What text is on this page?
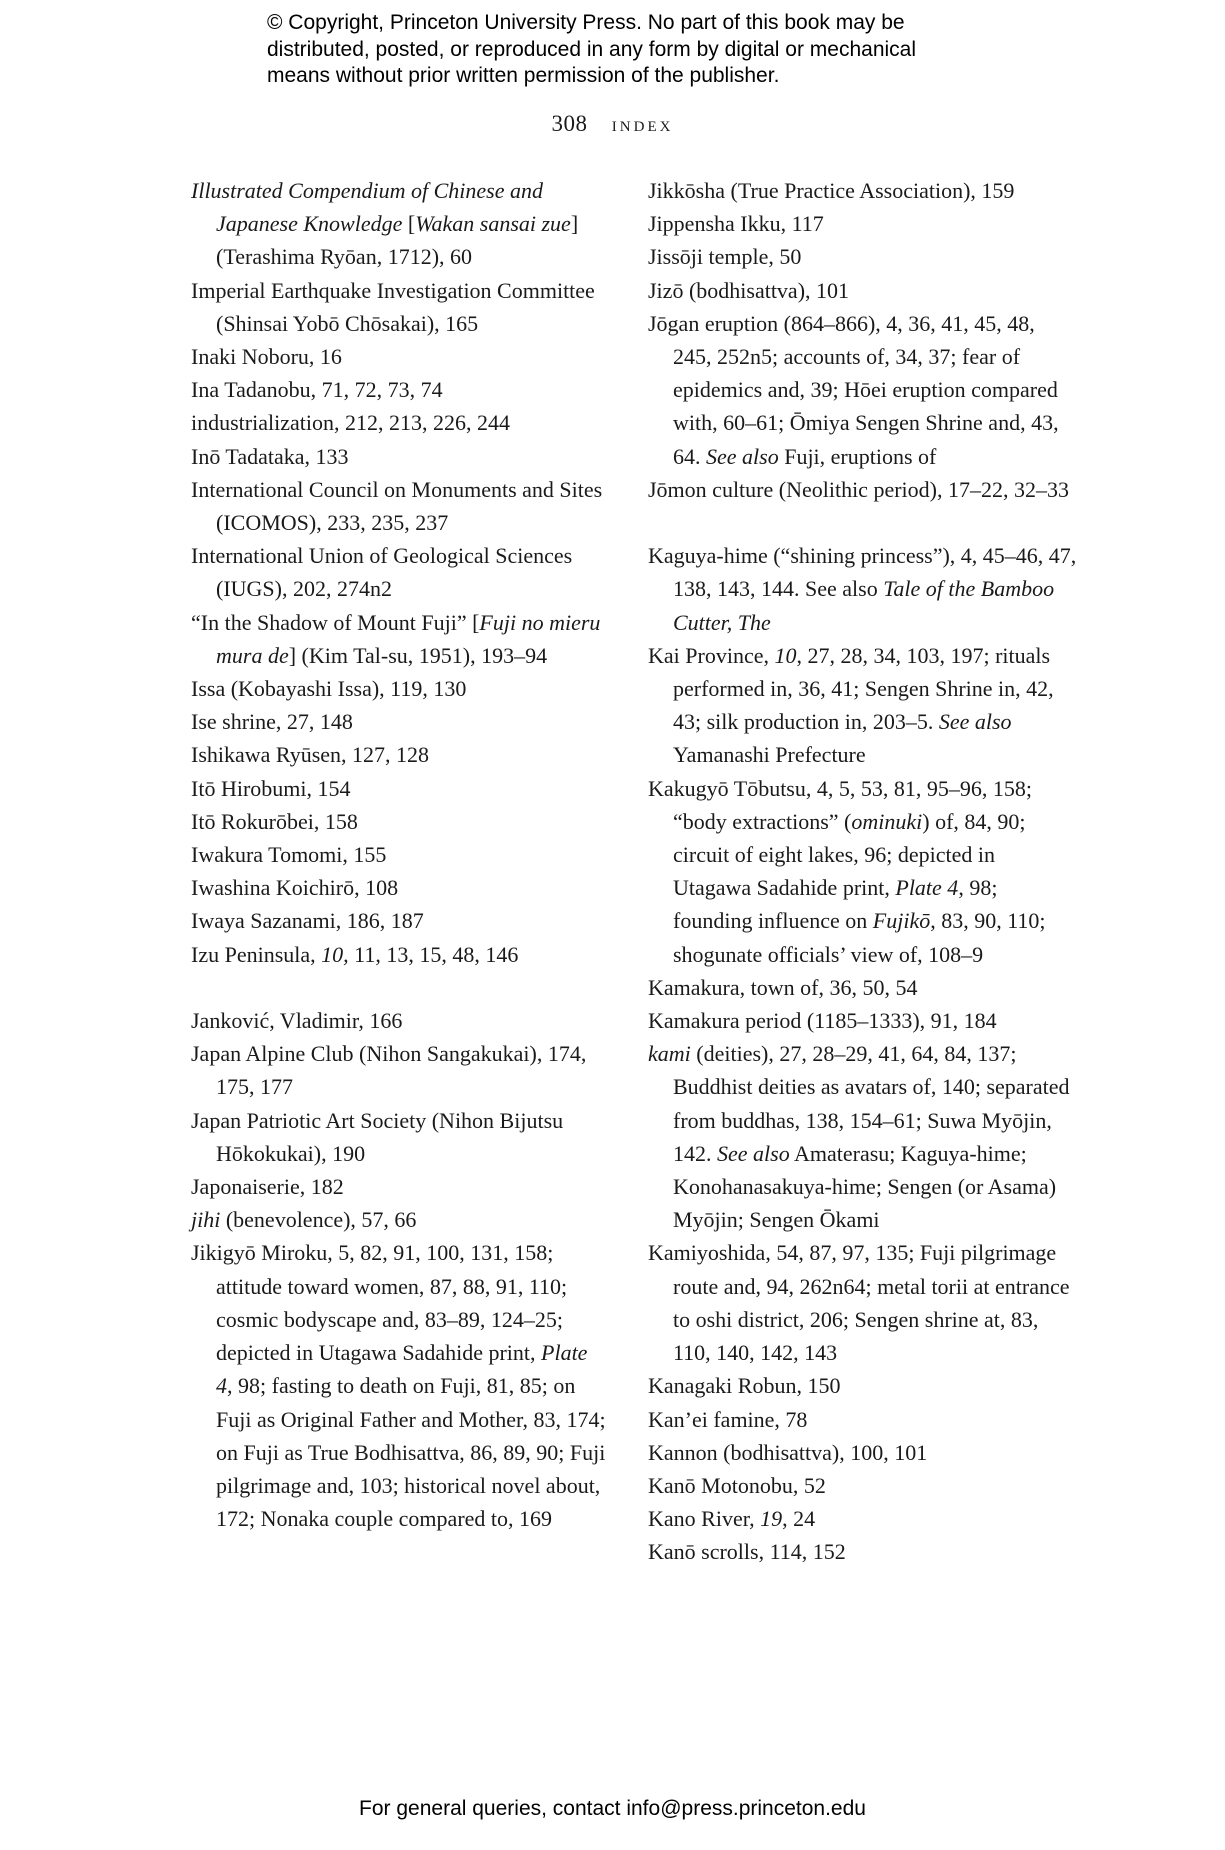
© Copyright, Princeton University Press. No part of this book may be
distributed, posted, or reproduced in any form by digital or mechanical
means without prior written permission of the publisher.
308 index
Illustrated Compendium of Chinese and Japanese Knowledge [Wakan sansai zue] (Terashima Ryōan, 1712), 60
Imperial Earthquake Investigation Committee (Shinsai Yobō Chōsakai), 165
Inaki Noboru, 16
Ina Tadanobu, 71, 72, 73, 74
industrialization, 212, 213, 226, 244
Inō Tadataka, 133
International Council on Monuments and Sites (ICOMOS), 233, 235, 237
International Union of Geological Sciences (IUGS), 202, 274n2
“In the Shadow of Mount Fuji” [Fuji no mieru mura de] (Kim Tal-su, 1951), 193–94
Issa (Kobayashi Issa), 119, 130
Ise shrine, 27, 148
Ishikawa Ryūsen, 127, 128
Itō Hirobumi, 154
Itō Rokurōbei, 158
Iwakura Tomomi, 155
Iwashina Koichirō, 108
Iwaya Sazanami, 186, 187
Izu Peninsula, 10, 11, 13, 15, 48, 146
Janković, Vladimir, 166
Japan Alpine Club (Nihon Sangakukai), 174, 175, 177
Japan Patriotic Art Society (Nihon Bijutsu Hōkokukai), 190
Japonaiserie, 182
jihi (benevolence), 57, 66
Jikigyō Miroku, 5, 82, 91, 100, 131, 158; attitude toward women, 87, 88, 91, 110; cosmic bodyscape and, 83–89, 124–25; depicted in Utagawa Sadahide print, Plate 4, 98; fasting to death on Fuji, 81, 85; on Fuji as Original Father and Mother, 83, 174; on Fuji as True Bodhisattva, 86, 89, 90; Fuji pilgrimage and, 103; historical novel about, 172; Nonaka couple compared to, 169
Jikkōsha (True Practice Association), 159
Jippensha Ikku, 117
Jissōji temple, 50
Jizō (bodhisattva), 101
Jōgan eruption (864–866), 4, 36, 41, 45, 48, 245, 252n5; accounts of, 34, 37; fear of epidemics and, 39; Hōei eruption compared with, 60–61; Ōmiya Sengen Shrine and, 43, 64. See also Fuji, eruptions of
Jōmon culture (Neolithic period), 17–22, 32–33
Kaguya-hime (“shining princess”), 4, 45–46, 47, 138, 143, 144. See also Tale of the Bamboo Cutter, The
Kai Province, 10, 27, 28, 34, 103, 197; rituals performed in, 36, 41; Sengen Shrine in, 42, 43; silk production in, 203–5. See also Yamanashi Prefecture
Kakugyō Tōbutsu, 4, 5, 53, 81, 95–96, 158; “body extractions” (ominuki) of, 84, 90; circuit of eight lakes, 96; depicted in Utagawa Sadahide print, Plate 4, 98; founding influence on Fujikō, 83, 90, 110; shogunate officials’ view of, 108–9
Kamakura, town of, 36, 50, 54
Kamakura period (1185–1333), 91, 184
kami (deities), 27, 28–29, 41, 64, 84, 137; Buddhist deities as avatars of, 140; separated from buddhas, 138, 154–61; Suwa Myōjin, 142. See also Amaterasu; Kaguya-hime; Konohanasakuya-hime; Sengen (or Asama) Myōjin; Sengen Ōkami
Kamiyoshida, 54, 87, 97, 135; Fuji pilgrimage route and, 94, 262n64; metal torii at entrance to oshi district, 206; Sengen shrine at, 83, 110, 140, 142, 143
Kanagaki Robun, 150
Kan’ei famine, 78
Kannon (bodhisattva), 100, 101
Kanō Motonobu, 52
Kano River, 19, 24
Kanō scrolls, 114, 152
For general queries, contact info@press.princeton.edu
